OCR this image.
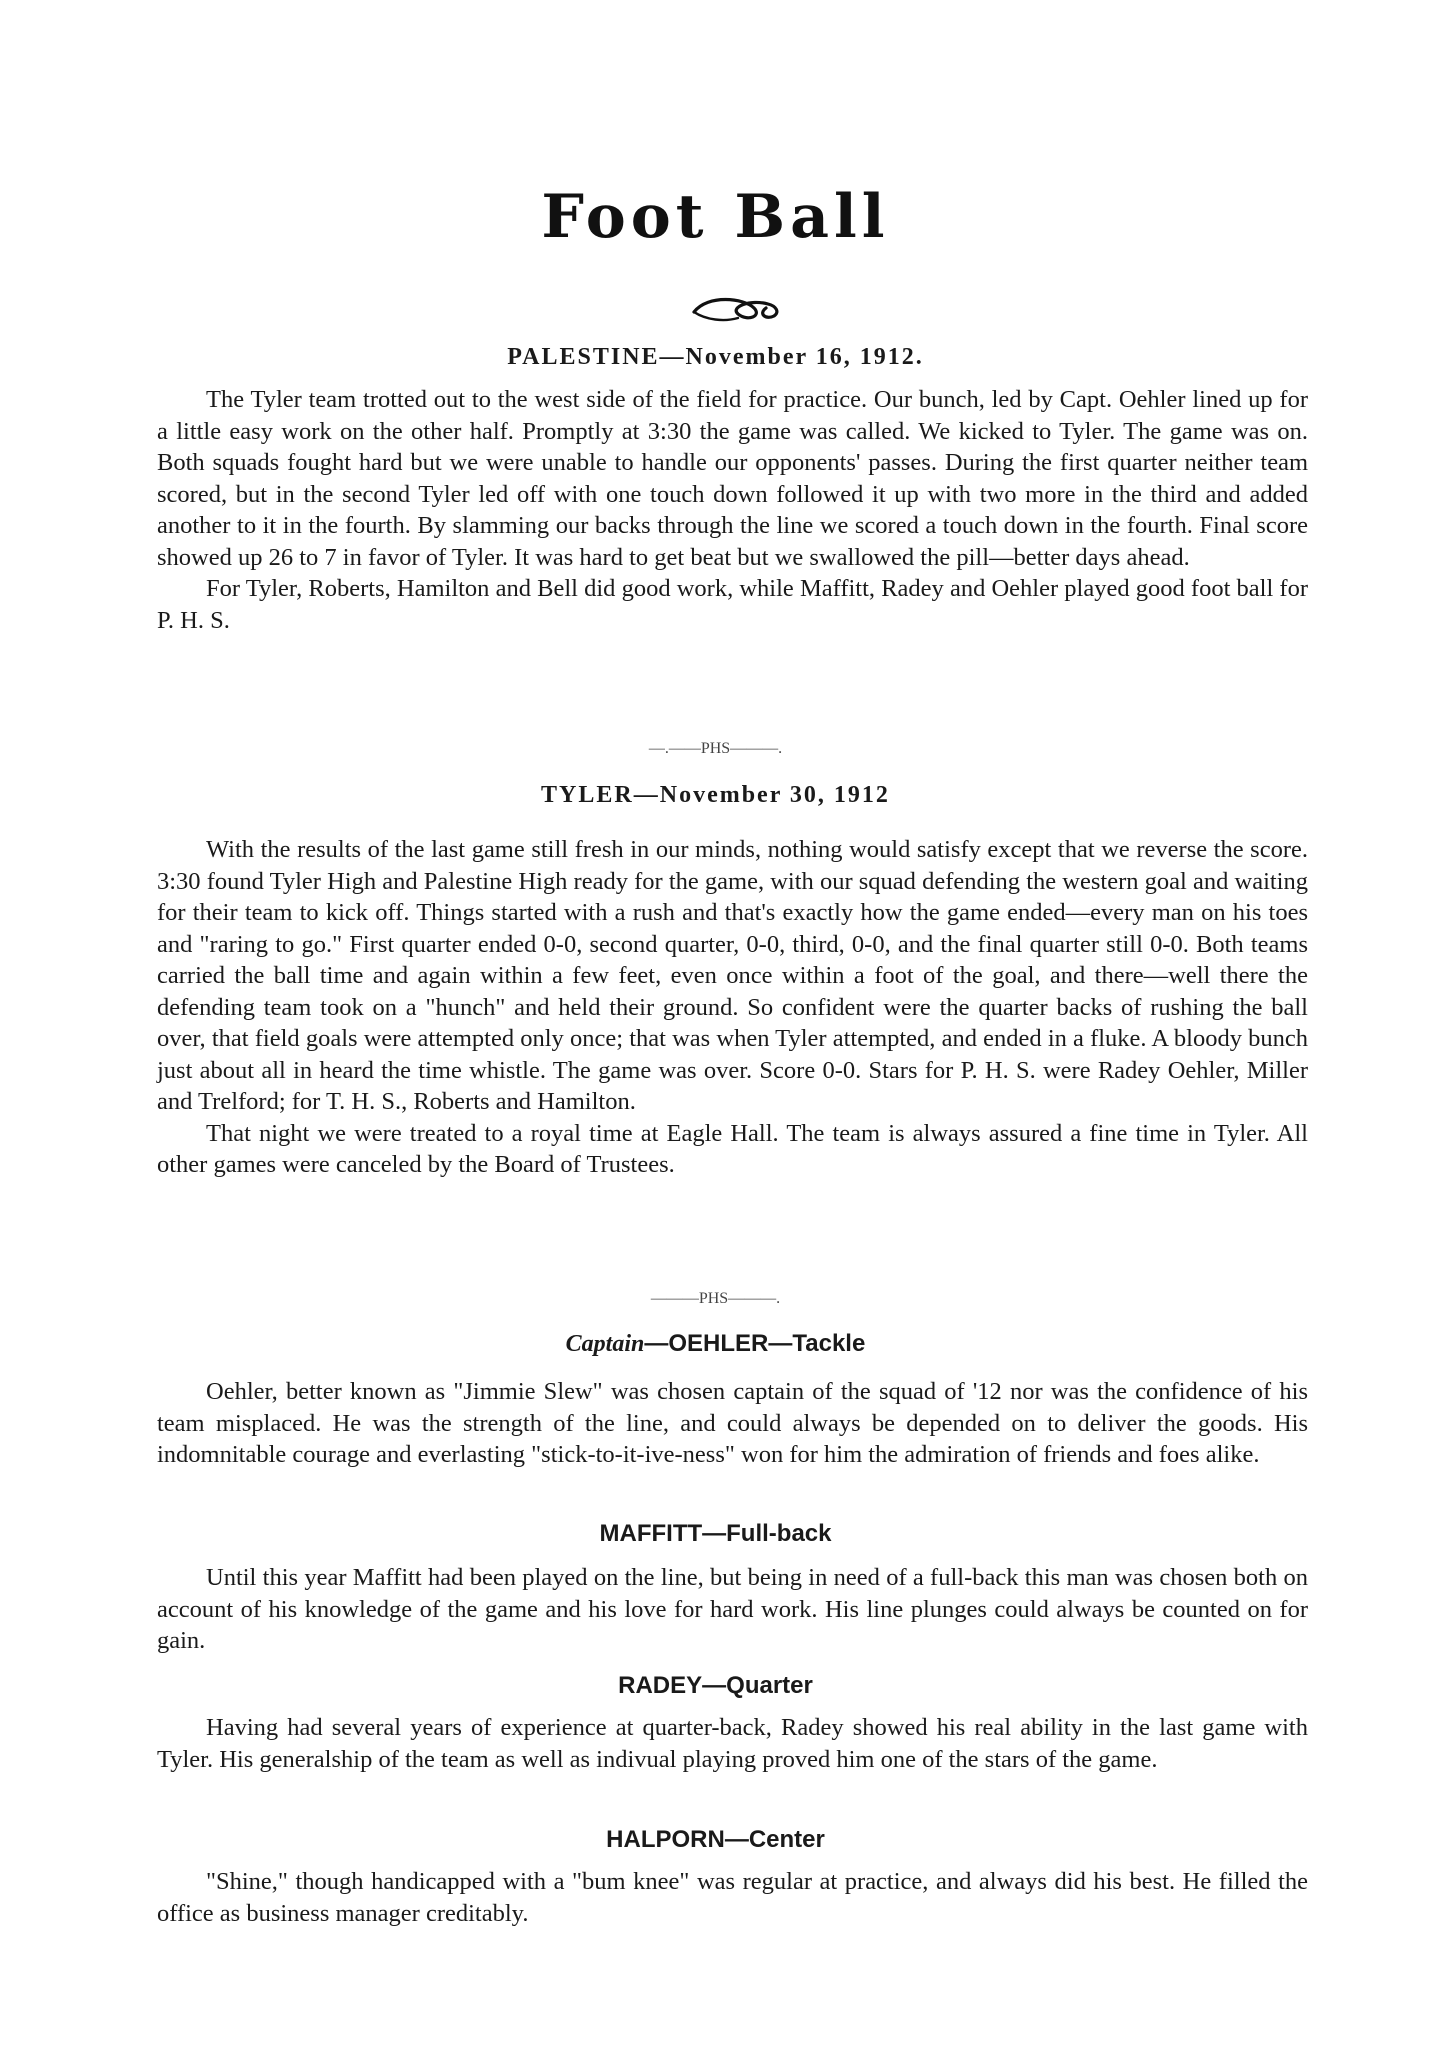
Foot Ball
PALESTINE—November 16, 1912.

The Tyler team trotted out to the west side of the field for practice. Our bunch, led by Capt. Oehler lined up for a little easy work on the other half. Promptly at 3:30 the game was called. We kicked to Tyler. The game was on. Both squads fought hard but we were unable to handle our opponents' passes. During the first quarter neither team scored, but in the second Tyler led off with one touch down followed it up with two more in the third and added another to it in the fourth. By slamming our backs through the line we scored a touch down in the fourth. Final score showed up 26 to 7 in favor of Tyler. It was hard to get beat but we swallowed the pill—better days ahead.

For Tyler, Roberts, Hamilton and Bell did good work, while Maffitt, Radey and Oehler played good foot ball for P. H. S.

—.——PHS———.
TYLER—November 30, 1912

With the results of the last game still fresh in our minds, nothing would satisfy except that we reverse the score. 3:30 found Tyler High and Palestine High ready for the game, with our squad defending the western goal and waiting for their team to kick off. Things started with a rush and that's exactly how the game ended—every man on his toes and "raring to go." First quarter ended 0-0, second quarter, 0-0, third, 0-0, and the final quarter still 0-0. Both teams carried the ball time and again within a few feet, even once within a foot of the goal, and there—well there the defending team took on a "hunch" and held their ground. So confident were the quarter backs of rushing the ball over, that field goals were attempted only once; that was when Tyler attempted, and ended in a fluke. A bloody bunch just about all in heard the time whistle. The game was over. Score 0-0. Stars for P. H. S. were Radey Oehler, Miller and Trelford; for T. H. S., Roberts and Hamilton.

That night we were treated to a royal time at Eagle Hall. The team is always assured a fine time in Tyler. All other games were canceled by the Board of Trustees.

———PHS———.
Captain—OEHLER—Tackle

Oehler, better known as "Jimmie Slew" was chosen captain of the squad of '12 nor was the confidence of his team misplaced. He was the strength of the line, and could always be depended on to deliver the goods. His indomnitable courage and everlasting "stick-to-it-ive-ness" won for him the admiration of friends and foes alike.

MAFFITT—Full-back

Until this year Maffitt had been played on the line, but being in need of a full-back this man was chosen both on account of his knowledge of the game and his love for hard work. His line plunges could always be counted on for gain.

RADEY—Quarter

Having had several years of experience at quarter-back, Radey showed his real ability in the last game with Tyler. His generalship of the team as well as indivual playing proved him one of the stars of the game.

HALPORN—Center

"Shine," though handicapped with a "bum knee" was regular at practice, and always did his best. He filled the office as business manager creditably.
